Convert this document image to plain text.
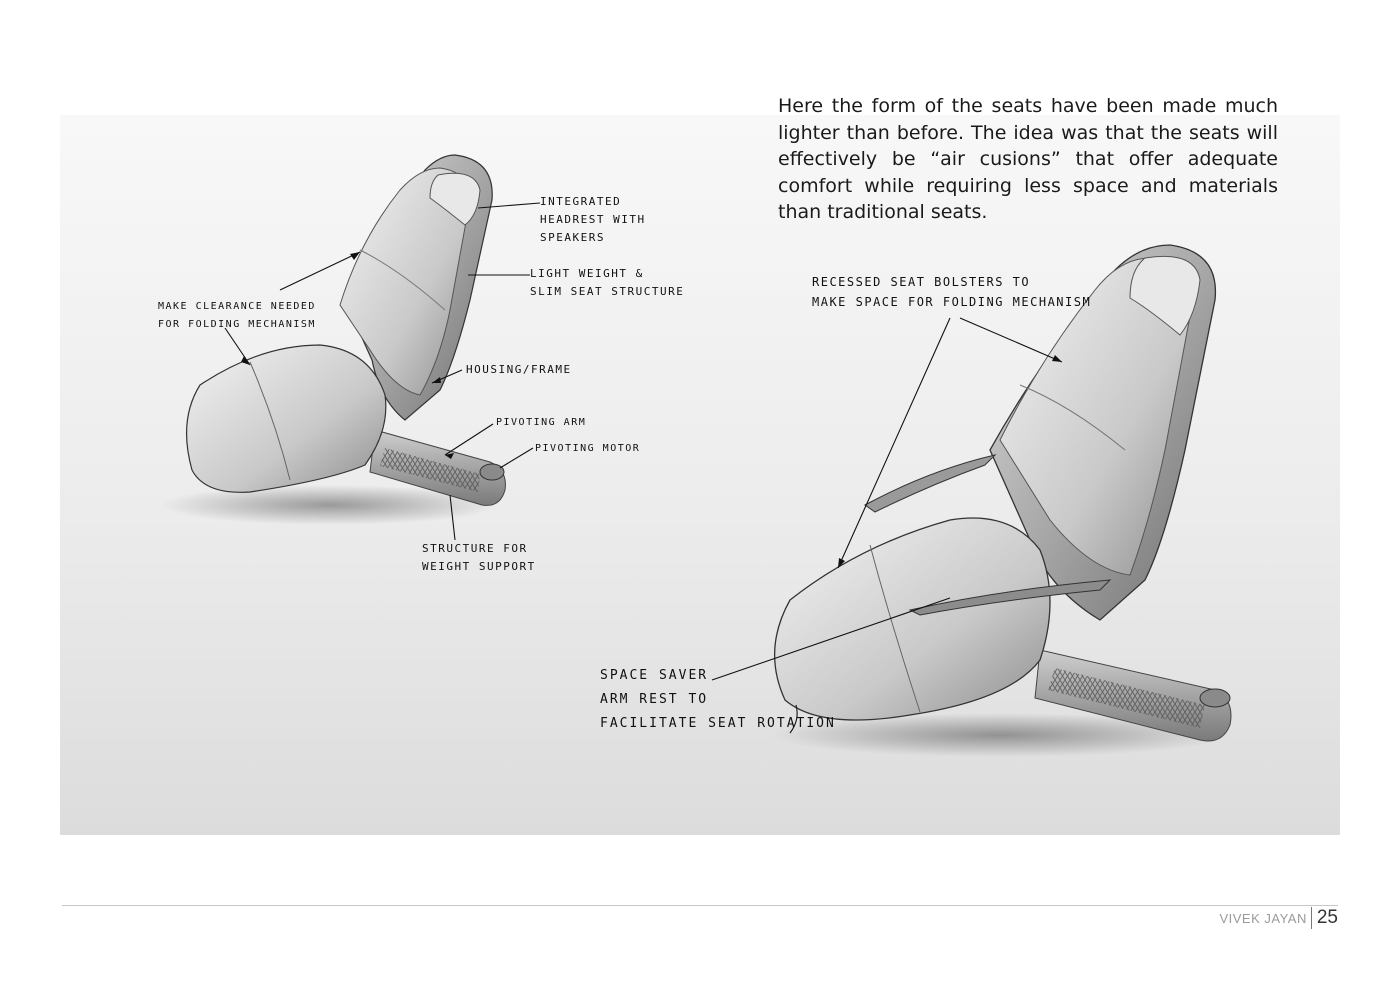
Here the form of the seats have been made much lighter than before. The idea was that the seats will effectively be “air cusions” that offer adequate comfort while requiring less space and materials than traditional seats.

INTEGRATED
HEADREST WITH
SPEAKERS

LIGHT WEIGHT &
SLIM SEAT STRUCTURE

MAKE CLEARANCE NEEDED
FOR FOLDING MECHANISM

HOUSING/FRAME

PIVOTING ARM

PIVOTING MOTOR

STRUCTURE FOR
WEIGHT SUPPORT

RECESSED SEAT BOLSTERS TO
MAKE SPACE FOR FOLDING MECHANISM

SPACE SAVER
ARM REST TO
FACILITATE SEAT ROTATION

VIVEK JAYAN 25
